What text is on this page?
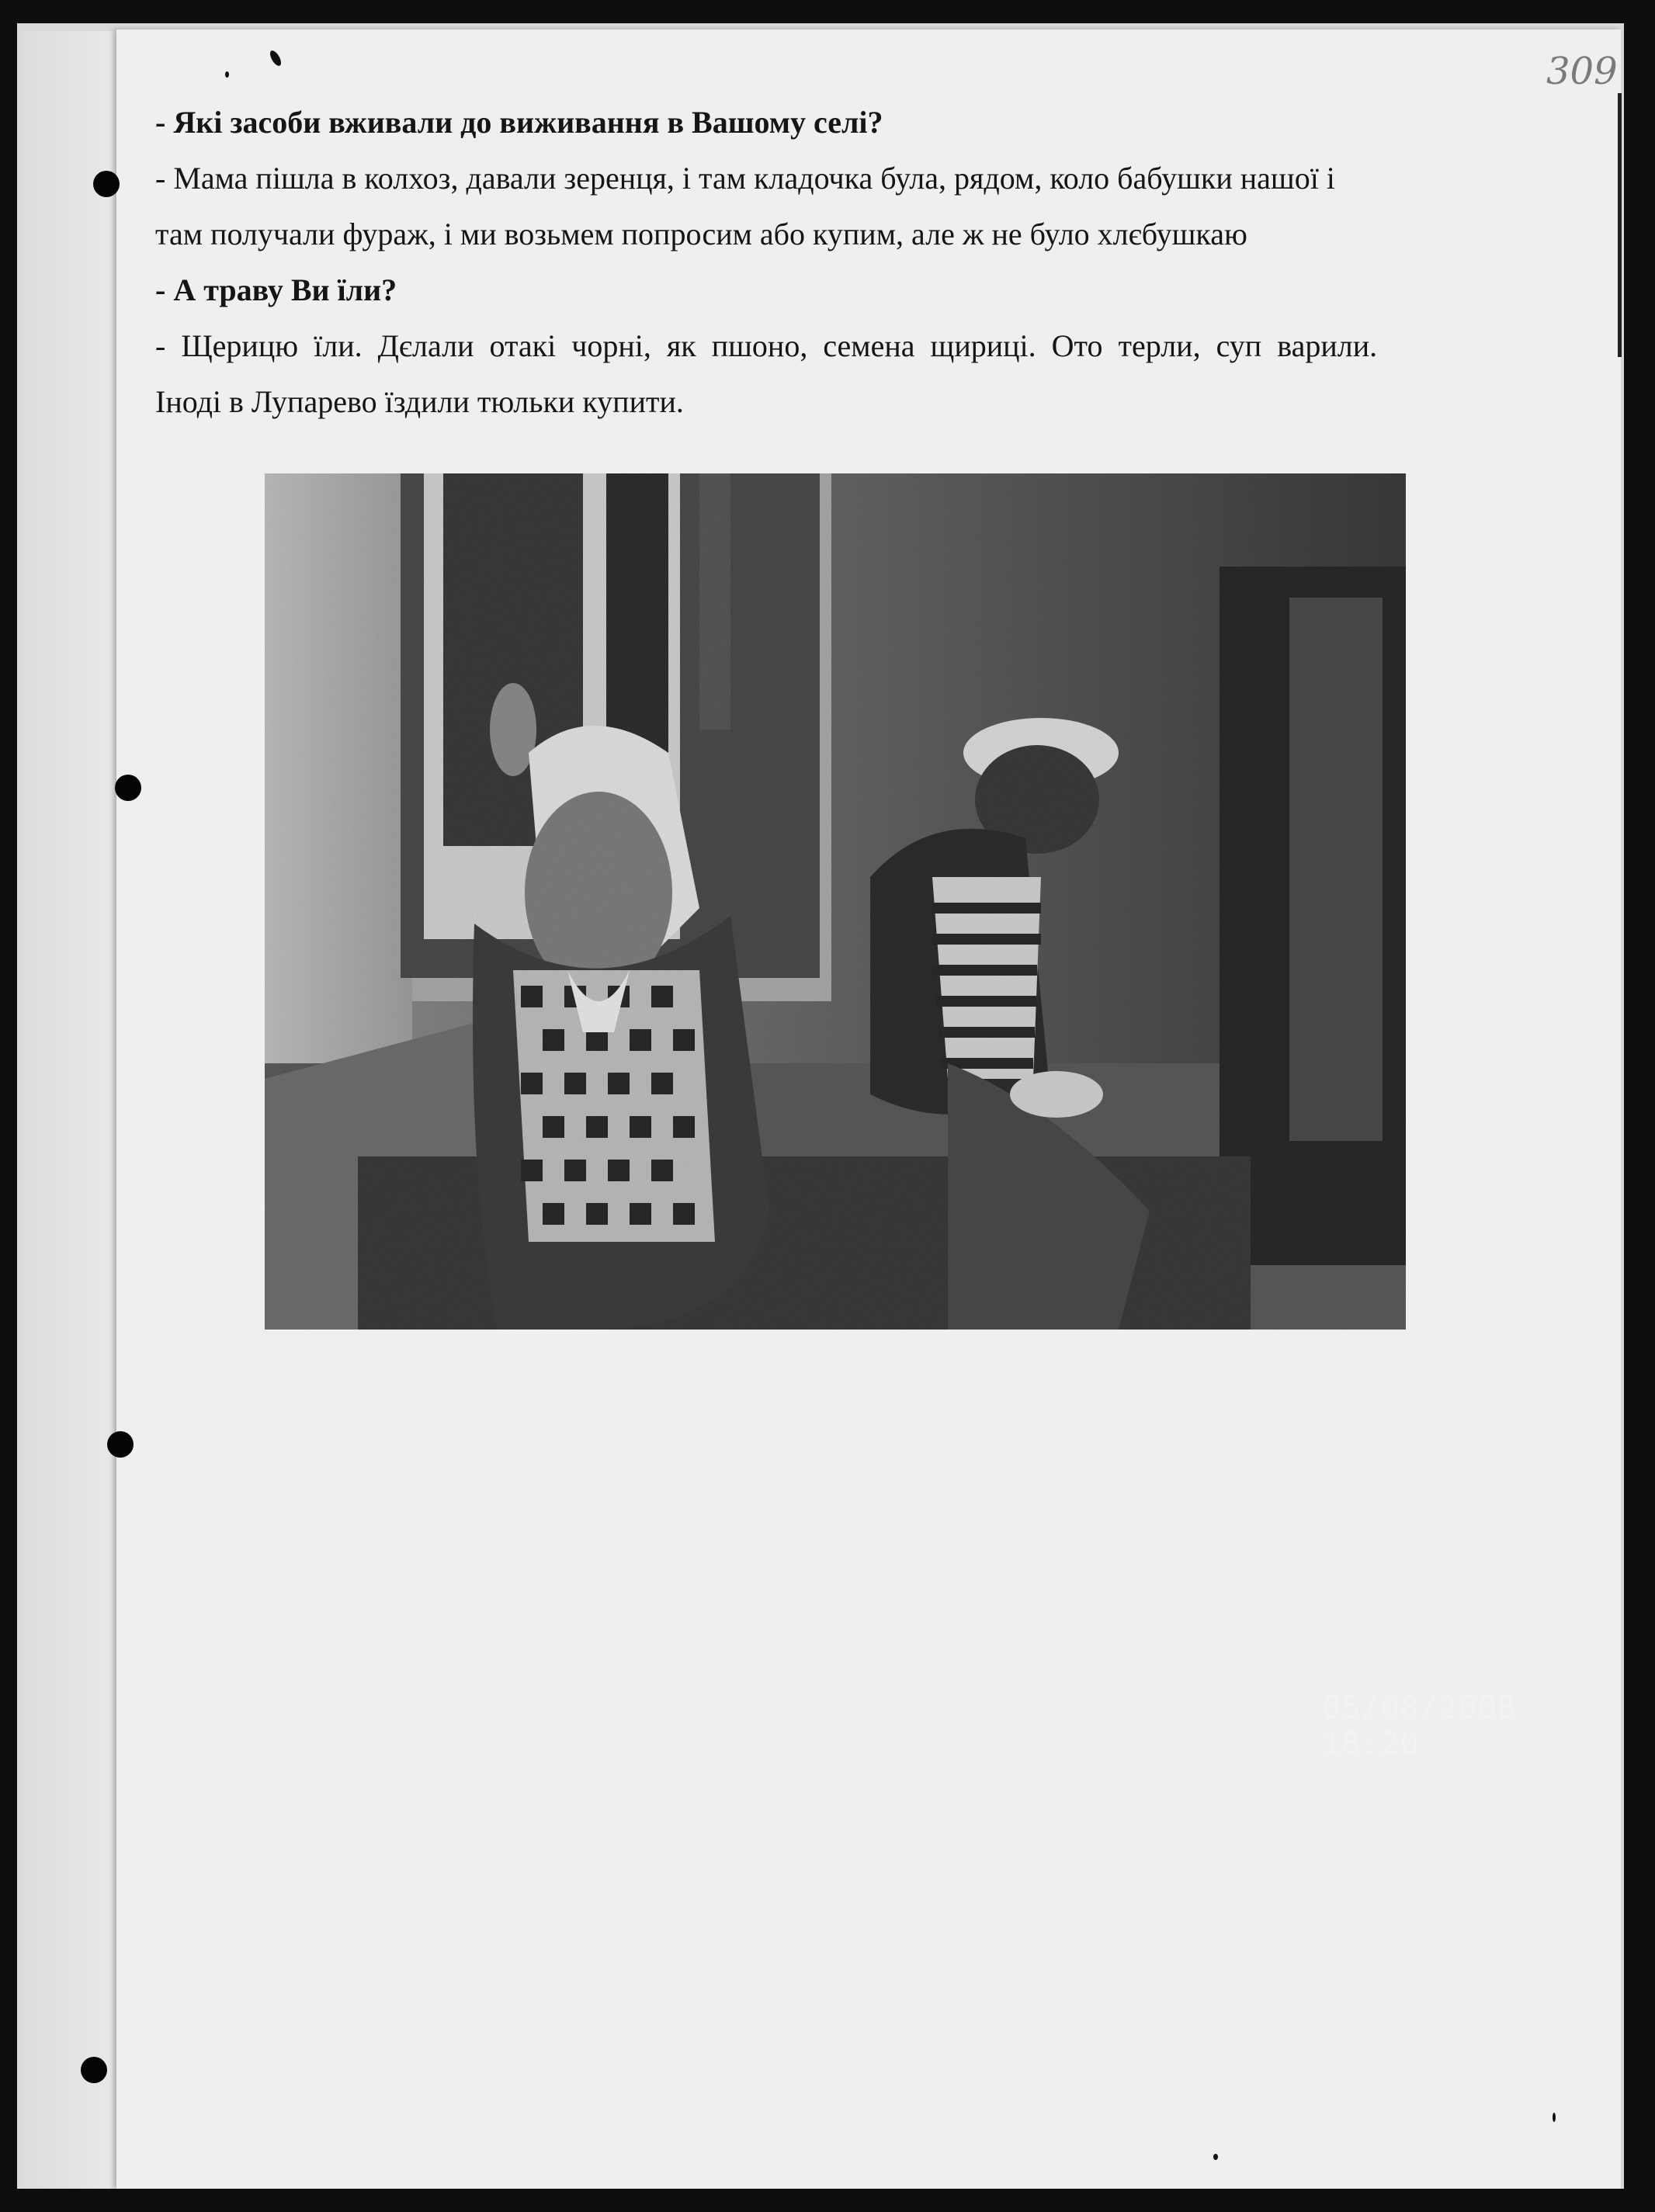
309

- Які засоби вживали до виживання в Вашому селі?

- Мама пішла в колхоз, давали зеренця, і там кладочка була, рядом, коло бабушки нашої і

там получали фураж, і ми возьмем попросим або купим, але ж не було хлєбушкаю

- А траву Ви їли?

- Щерицю їли. Дєлали отакі чорні, як пшоно, семена щириці. Ото терли, суп варили.

Іноді в Лупарево їздили тюльки купити.

05/08/2008 18:20
